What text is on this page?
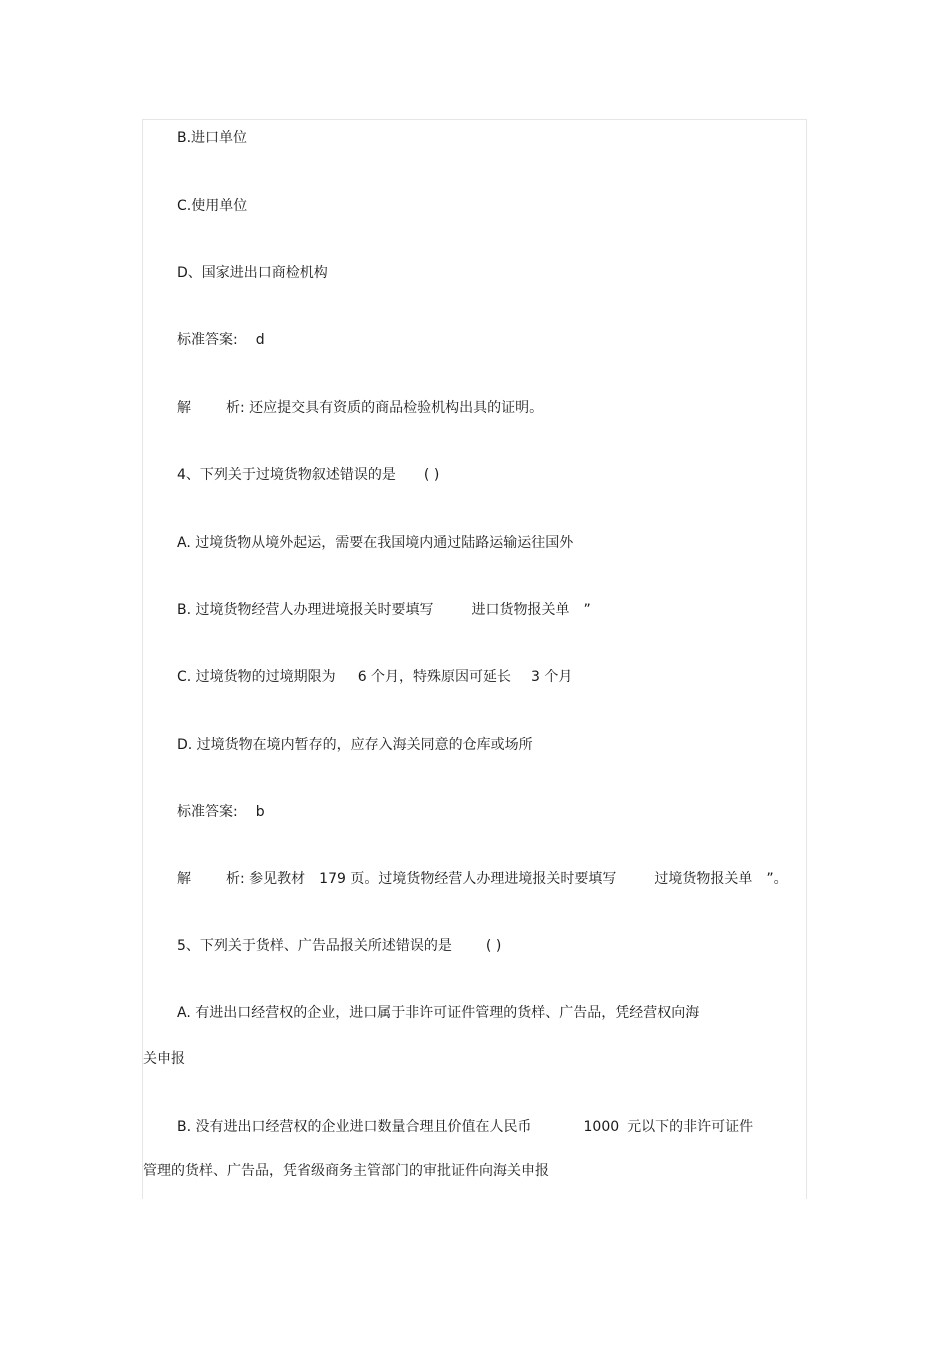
B.进口单位
C.使用单位
D、国家进出口商检机构
标准答案: d
解	析: 还应提交具有资质的商品检验机构出具的证明。
4、下列关于过境货物叙述错误的是 ( )
A. 过境货物从境外起运，需要在我国境内通过陆路运输运往国外
B. 过境货物经营人办理进境报关时要填写	进口货物报关单 ”
C. 过境货物的过境期限为 6 个月，特殊原因可延长 3 个月
D. 过境货物在境内暂存的，应存入海关同意的仓库或场所
标准答案: b
解	析: 参见教材 179 页。过境货物经营人办理进境报关时要填写	过境货物报关单 ”。
5、下列关于货样、广告品报关所述错误的是 ( )
A. 有进出口经营权的企业，进口属于非许可证件管理的货样、广告品，凭经营权向海
关申报
B. 没有进出口经营权的企业进口数量合理且价值在人民币	1000 元以下的非许可证件
管理的货样、广告品，凭省级商务主管部门的审批证件向海关申报
